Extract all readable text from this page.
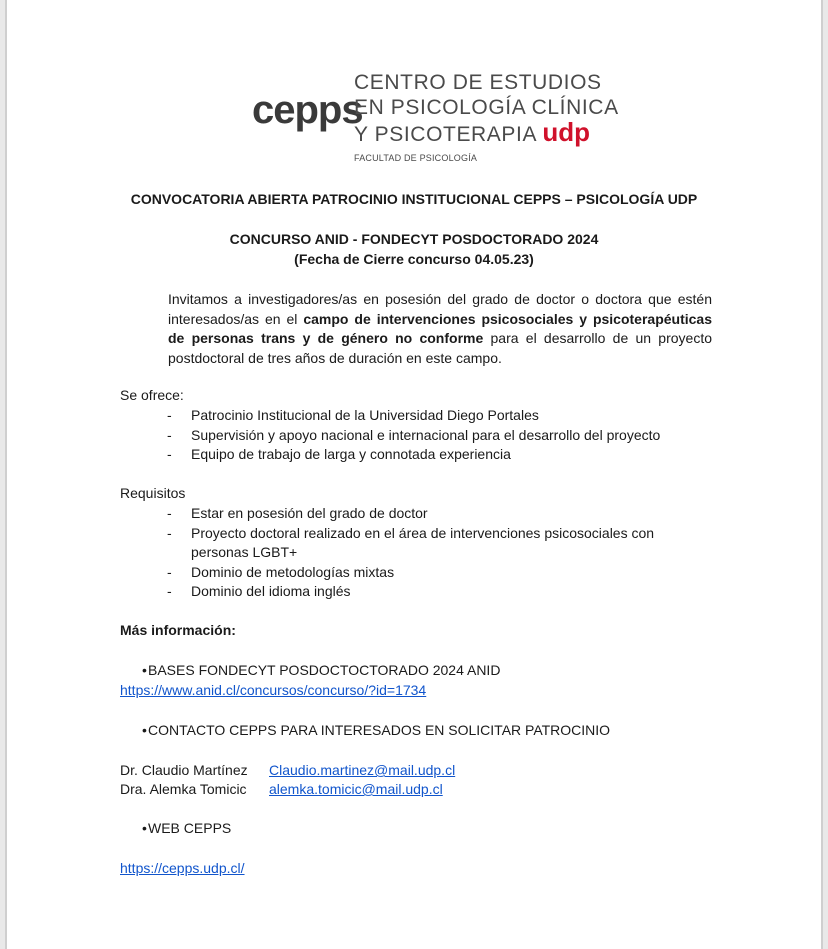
cepps
CENTRO DE ESTUDIOS
EN PSICOLOGÍA CLÍNICA
Y PSICOTERAPIA udp
FACULTAD DE PSICOLOGÍA
CONVOCATORIA ABIERTA PATROCINIO INSTITUCIONAL CEPPS – PSICOLOGÍA UDP
CONCURSO ANID - FONDECYT POSDOCTORADO 2024
(Fecha de Cierre concurso 04.05.23)
Invitamos a investigadores/as en posesión del grado de doctor o doctora que estén interesados/as en el campo de intervenciones psicosociales y psicoterapéuticas de personas trans y de género no conforme para el desarrollo de un proyecto postdoctoral de tres años de duración en este campo.
Se ofrece:
- Patrocinio Institucional de la Universidad Diego Portales
- Supervisión y apoyo nacional e internacional para el desarrollo del proyecto
- Equipo de trabajo de larga y connotada experiencia
Requisitos
- Estar en posesión del grado de doctor
- Proyecto doctoral realizado en el área de intervenciones psicosociales con
personas LGBT+
- Dominio de metodologías mixtas
- Dominio del idioma inglés
Más información:
•BASES FONDECYT POSDOCTOCTORADO 2024 ANID
https://www.anid.cl/concursos/concurso/?id=1734
•CONTACTO CEPPS PARA INTERESADOS EN SOLICITAR PATROCINIO
Dr. Claudio Martínez Claudio.martinez@mail.udp.cl
Dra. Alemka Tomicic alemka.tomicic@mail.udp.cl
•WEB CEPPS
https://cepps.udp.cl/
